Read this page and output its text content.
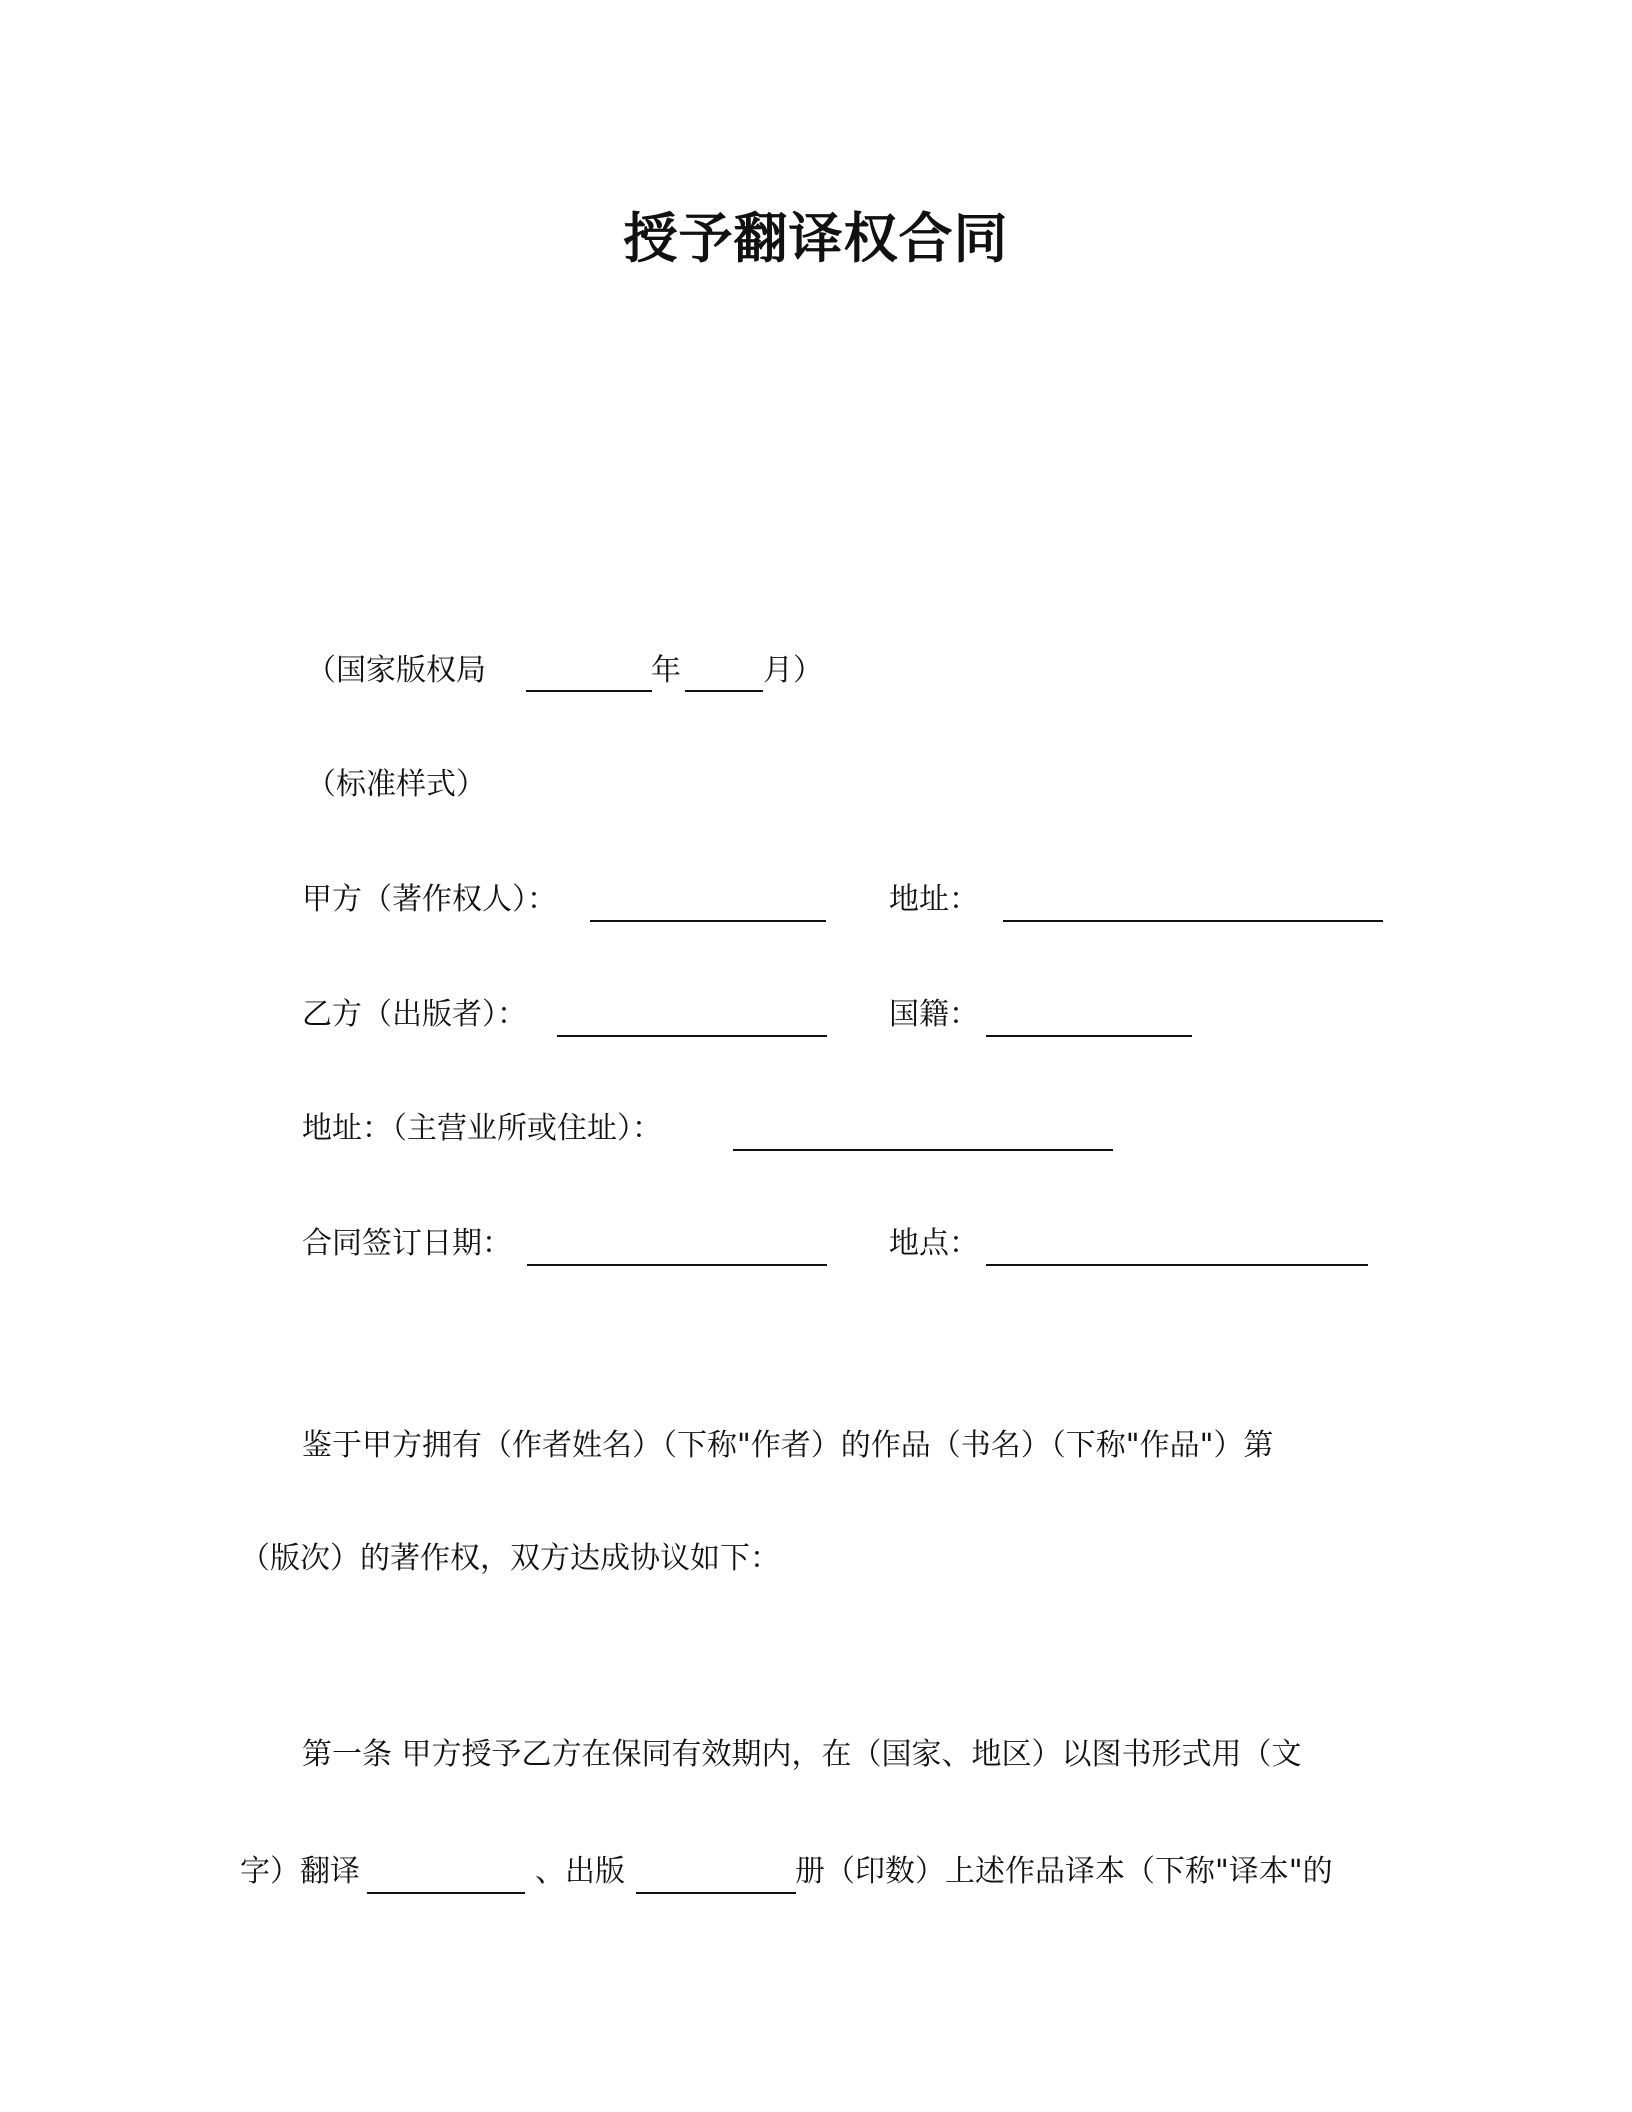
授予翻译权合同
（国家版权局	年	月）
（标准样式）
甲方（著作权人）：	地址：
乙方（出版者）：	国籍：
地址：（主营业所或住址）：
合同签订日期：	地点：
鉴于甲方拥有（作者姓名）（下称"作者）的作品（书名）（下称"作品"）第
（版次）的著作权，双方达成协议如下：
第一条 甲方授予乙方在保同有效期内，在（国家、地区）以图书形式用（文
字）翻译	、出版	册（印数）上述作品译本（下称"译本"的
